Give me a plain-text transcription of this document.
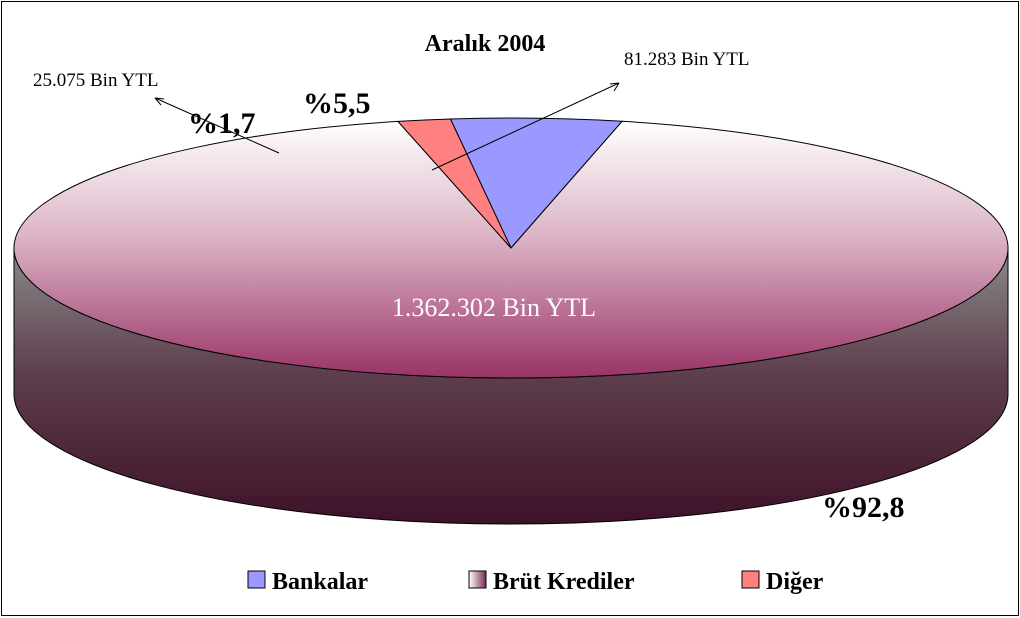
Aralık 2004
25.075 Bin YTL
%1,7
%5,5
81.283 Bin YTL
1.362.302 Bin YTL
%92,8
Bankalar	Brüt Krediler	Diğer
